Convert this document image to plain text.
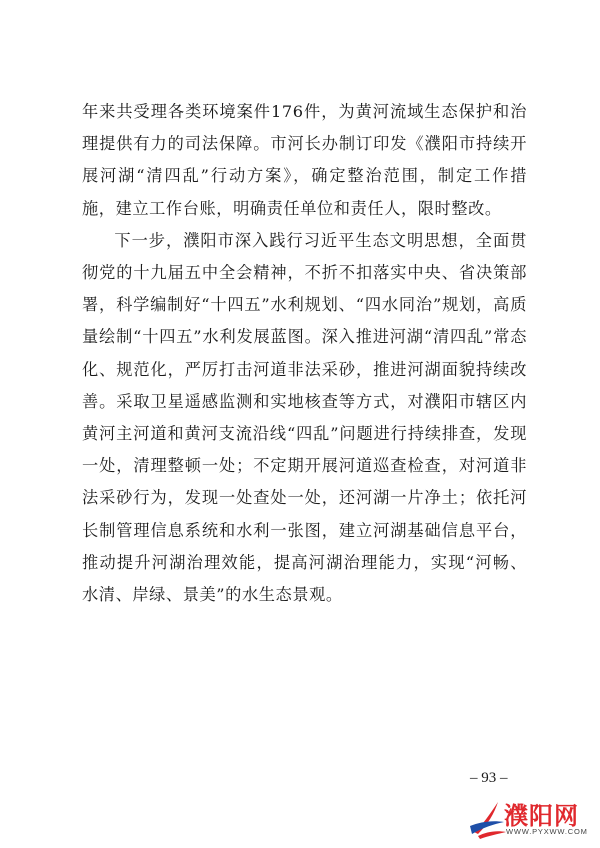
年来共受理各类环境案件176件，为黄河流域生态保护和治理提供有力的司法保障。市河长办制订印发《濮阳市持续开展河湖“清四乱”行动方案》，确定整治范围，制定工作措施，建立工作台账，明确责任单位和责任人，限时整改。

下一步，濮阳市深入践行习近平生态文明思想，全面贯彻党的十九届五中全会精神，不折不扣落实中央、省决策部署，科学编制好“十四五”水利规划、“四水同治”规划，高质量绘制“十四五”水利发展蓝图。深入推进河湖“清四乱”常态化、规范化，严厉打击河道非法采砂，推进河湖面貌持续改善。采取卫星遥感监测和实地核查等方式，对濮阳市辖区内黄河主河道和黄河支流沿线“四乱”问题进行持续排查，发现一处，清理整顿一处；不定期开展河道巡查检查，对河道非法采砂行为，发现一处查处一处，还河湖一片净土；依托河长制管理信息系统和水利一张图，建立河湖基础信息平台，推动提升河湖治理效能，提高河湖治理能力，实现“河畅、水清、岸绿、景美”的水生态景观。

– 93 –
濮阳网
WWW.PYXWW.COM
